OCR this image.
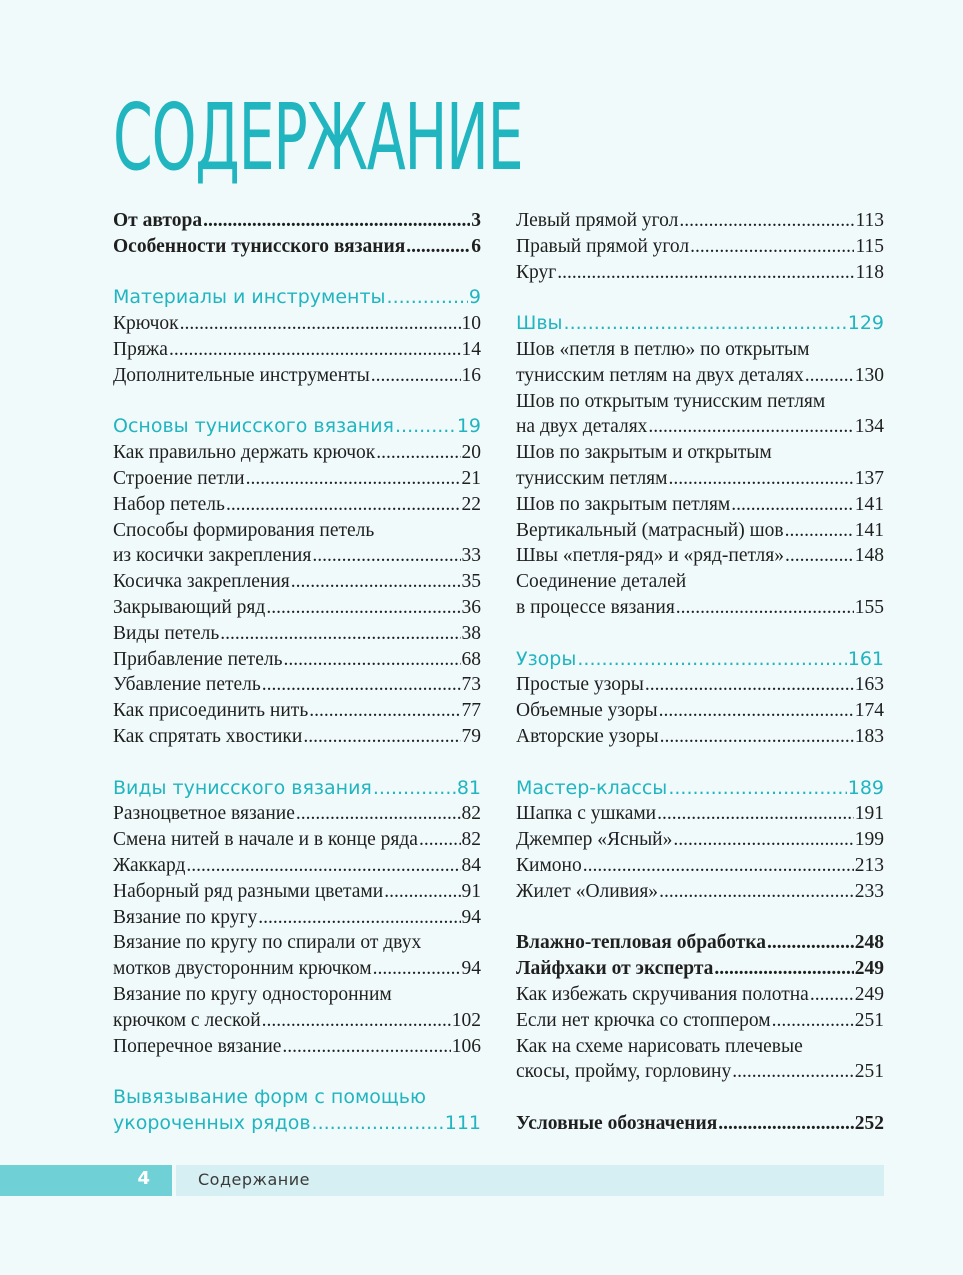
СОДЕРЖАНИЕ
От автора .....	3
Особенности тунисского вязания .....	6
Материалы и инструменты .....	9
Крючок .....	10
Пряжа .....	14
Дополнительные инструменты .....	16
Основы тунисского вязания .....	19
Как правильно держать крючок .....	20
Строение петли .....	21
Набор петель .....	22
Способы формирования петель
из косички закрепления .....	33
Косичка закрепления .....	35
Закрывающий ряд .....	36
Виды петель .....	38
Прибавление петель .....	68
Убавление петель .....	73
Как присоединить нить .....	77
Как спрятать хвостики .....	79
Виды тунисского вязания .....	81
Разноцветное вязание .....	82
Смена нитей в начале и в конце ряда ..... 82
Жаккард .....	84
Наборный ряд разными цветами .....	91
Вязание по кругу .....	94
Вязание по кругу по спирали от двух
мотков двусторонним крючком .....	94
Вязание по кругу односторонним
крючком с леской .....	102
Поперечное вязание .....	106
Вывязывание форм с помощью
укороченных рядов .....	111
Левый прямой угол .....	113
Правый прямой угол .....	115
Круг .....	118
Швы .....	129
Шов «петля в петлю» по открытым
тунисским петлям на двух деталях .....	130
Шов по открытым тунисским петлям
на двух деталях .....	134
Шов по закрытым и открытым
тунисским петлям .....	137
Шов по закрытым петлям .....	141
Вертикальный (матрасный) шов .....	141
Швы «петля-ряд» и «ряд-петля» .....	148
Соединение деталей
в процессе вязания .....	155
Узоры .....	161
Простые узоры .....	163
Объемные узоры .....	174
Авторские узоры .....	183
Мастер-классы .....	189
Шапка с ушками .....	191
Джемпер «Ясный» .....	199
Кимоно .....	213
Жилет «Оливия» .....	233
Влажно-тепловая обработка .....	248
Лайфхаки от эксперта .....	249
Как избежать скручивания полотна ..... 249
Если нет крючка со стоппером .....	251
Как на схеме нарисовать плечевые
скосы, пройму, горловину .....	251
Условные обозначения .....	252
4	Содержание
